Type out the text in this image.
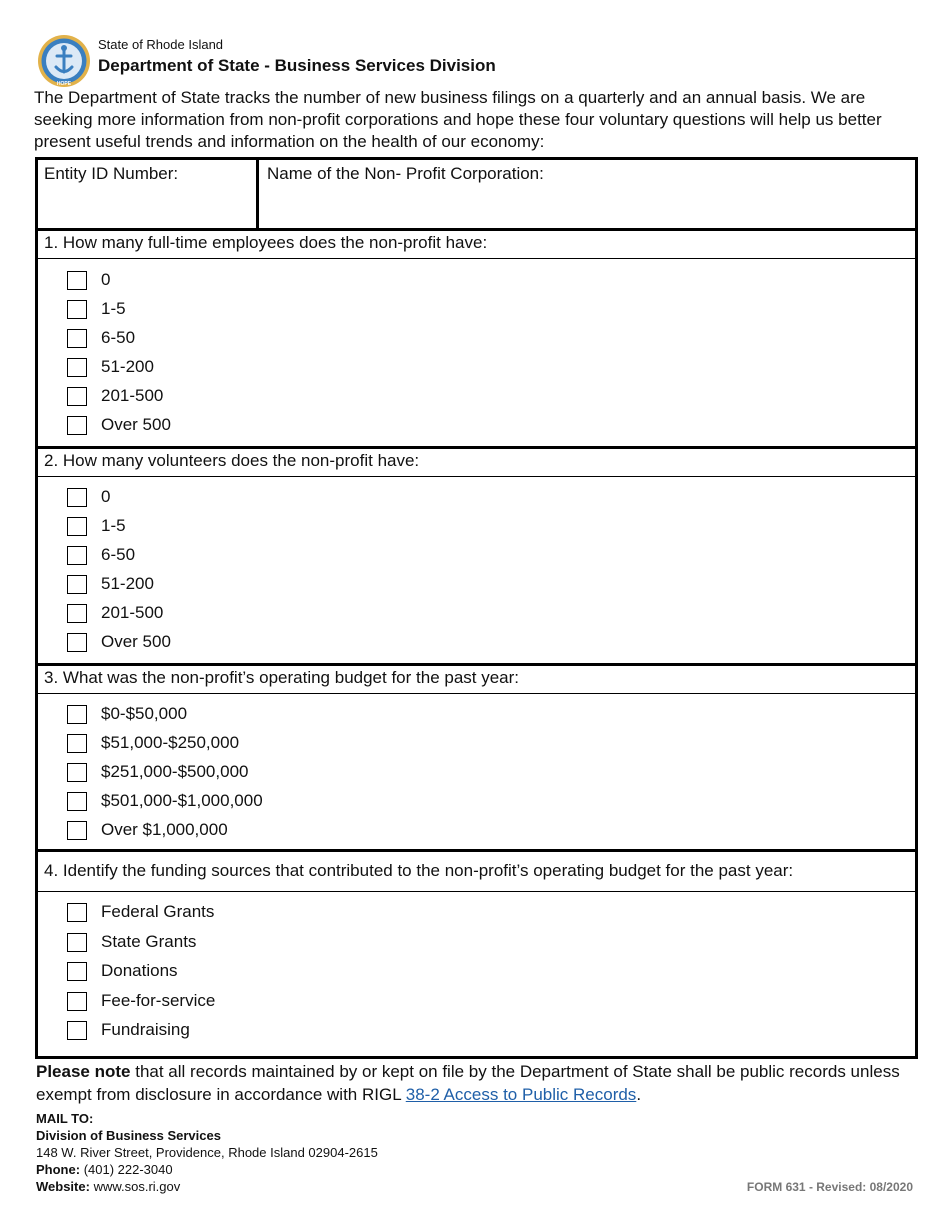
HOPE
State of Rhode Island
Department of State - Business Services Division

The Department of State tracks the number of new business filings on a quarterly and an annual basis. We are seeking more information from non-profit corporations and hope these four voluntary questions will help us better present useful trends and information on the health of our economy:

Entity ID Number:	Name of the Non- Profit Corporation:
1. How many full-time employees does the non-profit have:
0
1-5
6-50
51-200
201-500
Over 500
2. How many volunteers does the non-profit have:
0
1-5
6-50
51-200
201-500
Over 500
3. What was the non-profit’s operating budget for the past year:
$0-$50,000
$51,000-$250,000
$251,000-$500,000
$501,000-$1,000,000
Over $1,000,000
4. Identify the funding sources that contributed to the non-profit’s operating budget for the past year:
Federal Grants
State Grants
Donations
Fee-for-service
Fundraising

Please note that all records maintained by or kept on file by the Department of State shall be public records unless exempt from disclosure in accordance with RIGL 38-2 Access to Public Records.

MAIL TO:
Division of Business Services
148 W. River Street, Providence, Rhode Island 02904-2615
Phone: (401) 222-3040
Website: www.sos.ri.gov	FORM 631 - Revised: 08/2020
